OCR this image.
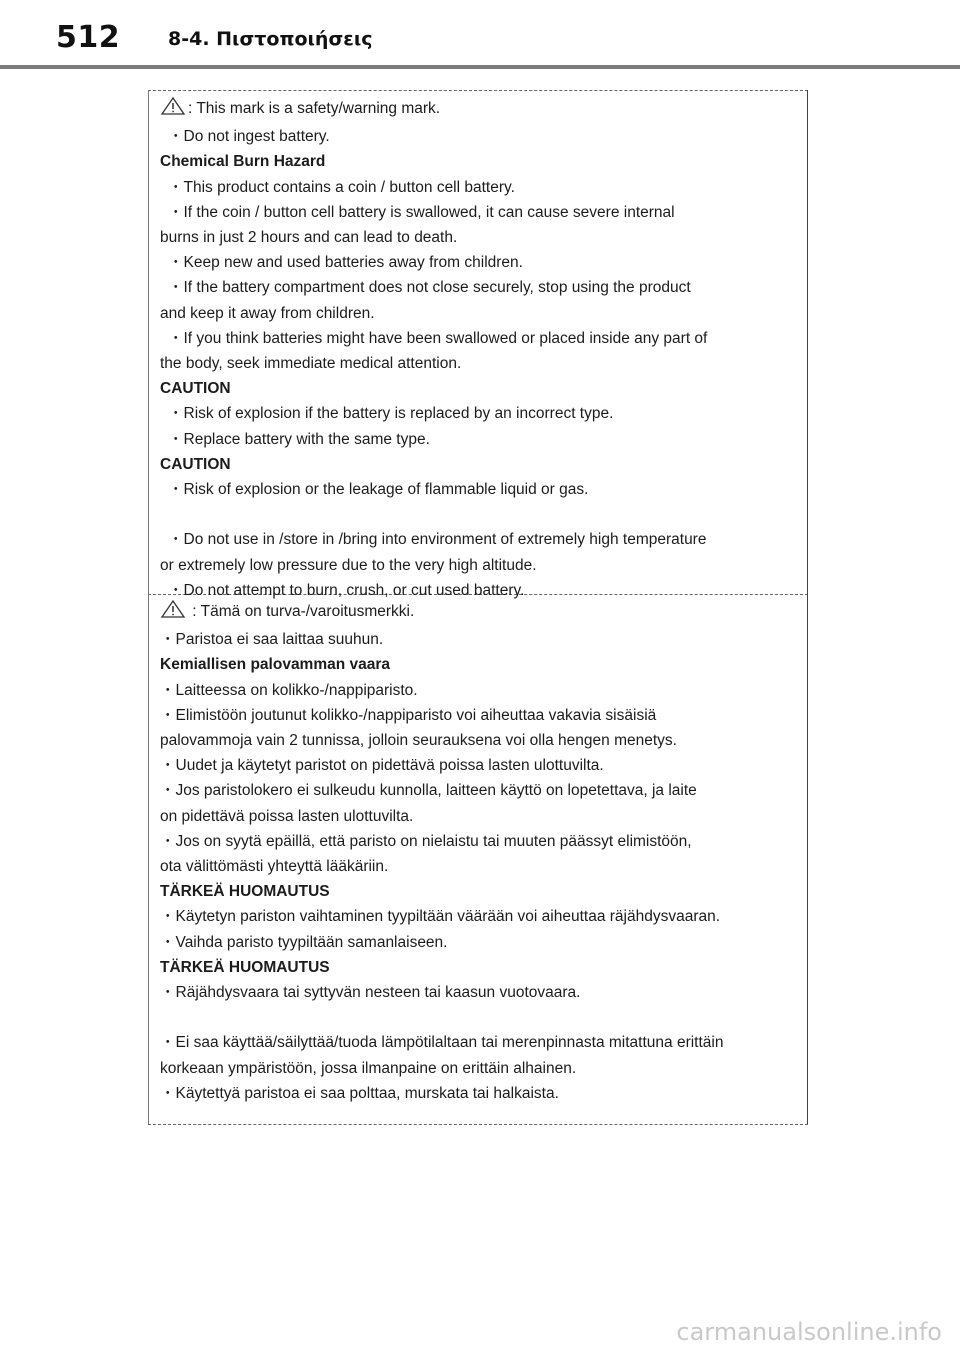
512	8-4. Πιστοποιήσεις
: This mark is a safety/warning mark.
・Do not ingest battery.
Chemical Burn Hazard
・This product contains a coin / button cell battery.
・If the coin / button cell battery is swallowed, it can cause severe internal
burns in just 2 hours and can lead to death.
・Keep new and used batteries away from children.
・If the battery compartment does not close securely, stop using the product
and keep it away from children.
・If you think batteries might have been swallowed or placed inside any part of
the body, seek immediate medical attention.
CAUTION
・Risk of explosion if the battery is replaced by an incorrect type.
・Replace battery with the same type.
CAUTION
・Risk of explosion or the leakage of flammable liquid or gas.
・Do not use in /store in /bring into environment of extremely high temperature
or extremely low pressure due to the very high altitude.
・Do not attempt to burn, crush, or cut used battery.
: Tämä on turva-/varoitusmerkki.
・Paristoa ei saa laittaa suuhun.
Kemiallisen palovamman vaara
・Laitteessa on kolikko-/nappiparisto.
・Elimistöön joutunut kolikko-/nappiparisto voi aiheuttaa vakavia sisäisiä
palovammoja vain 2 tunnissa, jolloin seurauksena voi olla hengen menetys.
・Uudet ja käytetyt paristot on pidettävä poissa lasten ulottuvilta.
・Jos paristolokero ei sulkeudu kunnolla, laitteen käyttö on lopetettava, ja laite
on pidettävä poissa lasten ulottuvilta.
・Jos on syytä epäillä, että paristo on nielaistu tai muuten päässyt elimistöön,
ota välittömästi yhteyttä lääkäriin.
TÄRKEÄ HUOMAUTUS
・Käytetyn pariston vaihtaminen tyypiltään väärään voi aiheuttaa räjähdysvaaran.
・Vaihda paristo tyypiltään samanlaiseen.
TÄRKEÄ HUOMAUTUS
・Räjähdysvaara tai syttyvän nesteen tai kaasun vuotovaara.
・Ei saa käyttää/säilyttää/tuoda lämpötilaltaan tai merenpinnasta mitattuna erittäin
korkeaan ympäristöön, jossa ilmanpaine on erittäin alhainen.
・Käytettyä paristoa ei saa polttaa, murskata tai halkaista.
carmanualsonline.info
